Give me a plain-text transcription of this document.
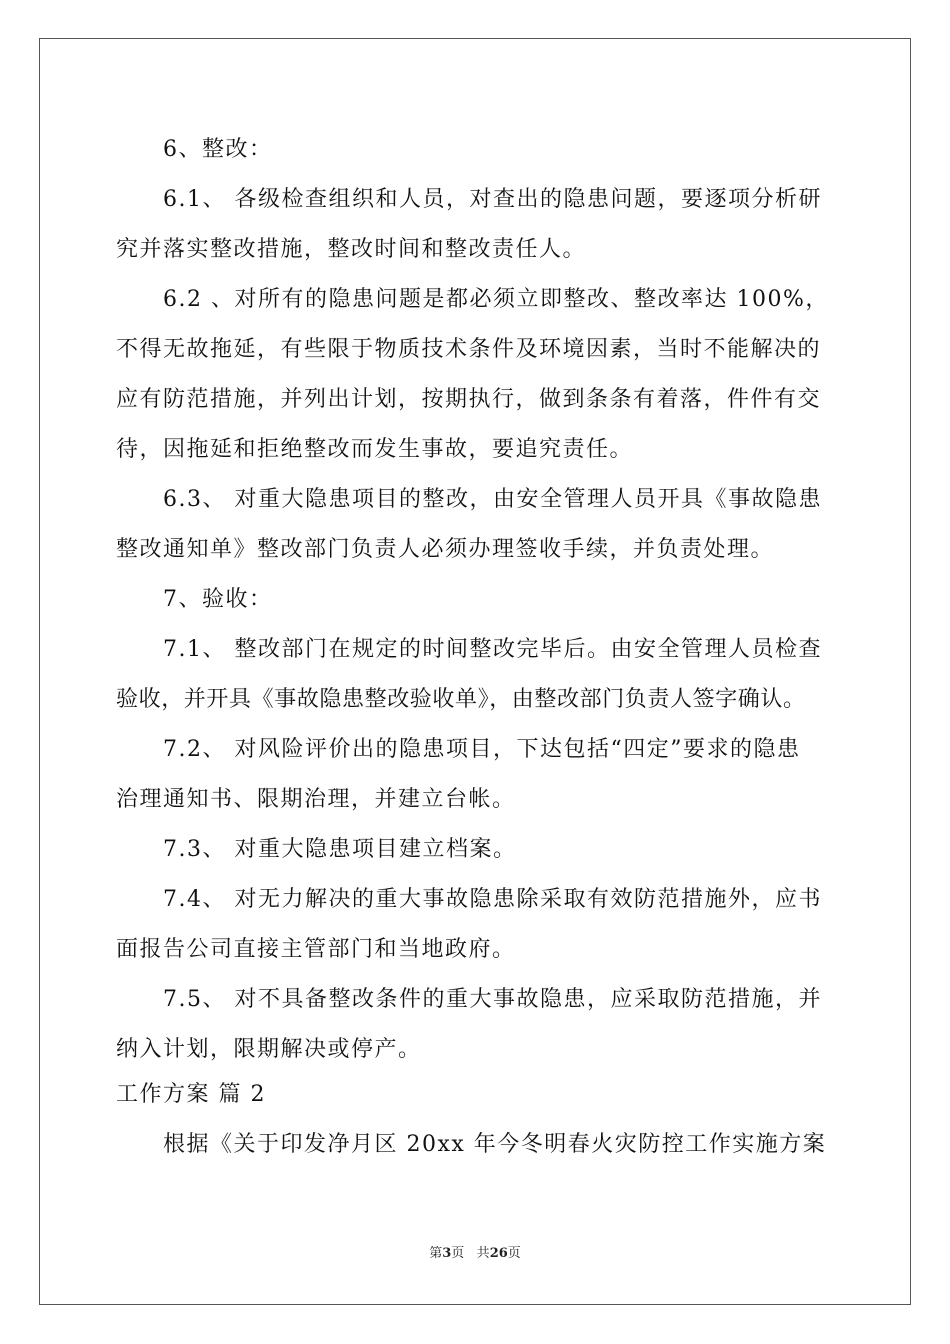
6、整改：
6.1、 各级检查组织和人员，对查出的隐患问题，要逐项分析研
究并落实整改措施，整改时间和整改责任人。
6.2 、对所有的隐患问题是都必须立即整改、整改率达 100%，
不得无故拖延，有些限于物质技术条件及环境因素，当时不能解决的
应有防范措施，并列出计划，按期执行，做到条条有着落，件件有交
待，因拖延和拒绝整改而发生事故，要追究责任。
6.3、 对重大隐患项目的整改，由安全管理人员开具《事故隐患
整改通知单》整改部门负责人必须办理签收手续，并负责处理。
7、验收：
7.1、 整改部门在规定的时间整改完毕后。由安全管理人员检查
验收，并开具《事故隐患整改验收单》，由整改部门负责人签字确认。
7.2、 对风险评价出的隐患项目，下达包括“四定”要求的隐患
治理通知书、限期治理，并建立台帐。
7.3、 对重大隐患项目建立档案。
7.4、 对无力解决的重大事故隐患除采取有效防范措施外，应书
面报告公司直接主管部门和当地政府。
7.5、 对不具备整改条件的重大事故隐患，应采取防范措施，并
纳入计划，限期解决或停产。
工作方案 篇 2
根据《关于印发净月区 20xx 年今冬明春火灾防控工作实施方案
第3页 共26页
